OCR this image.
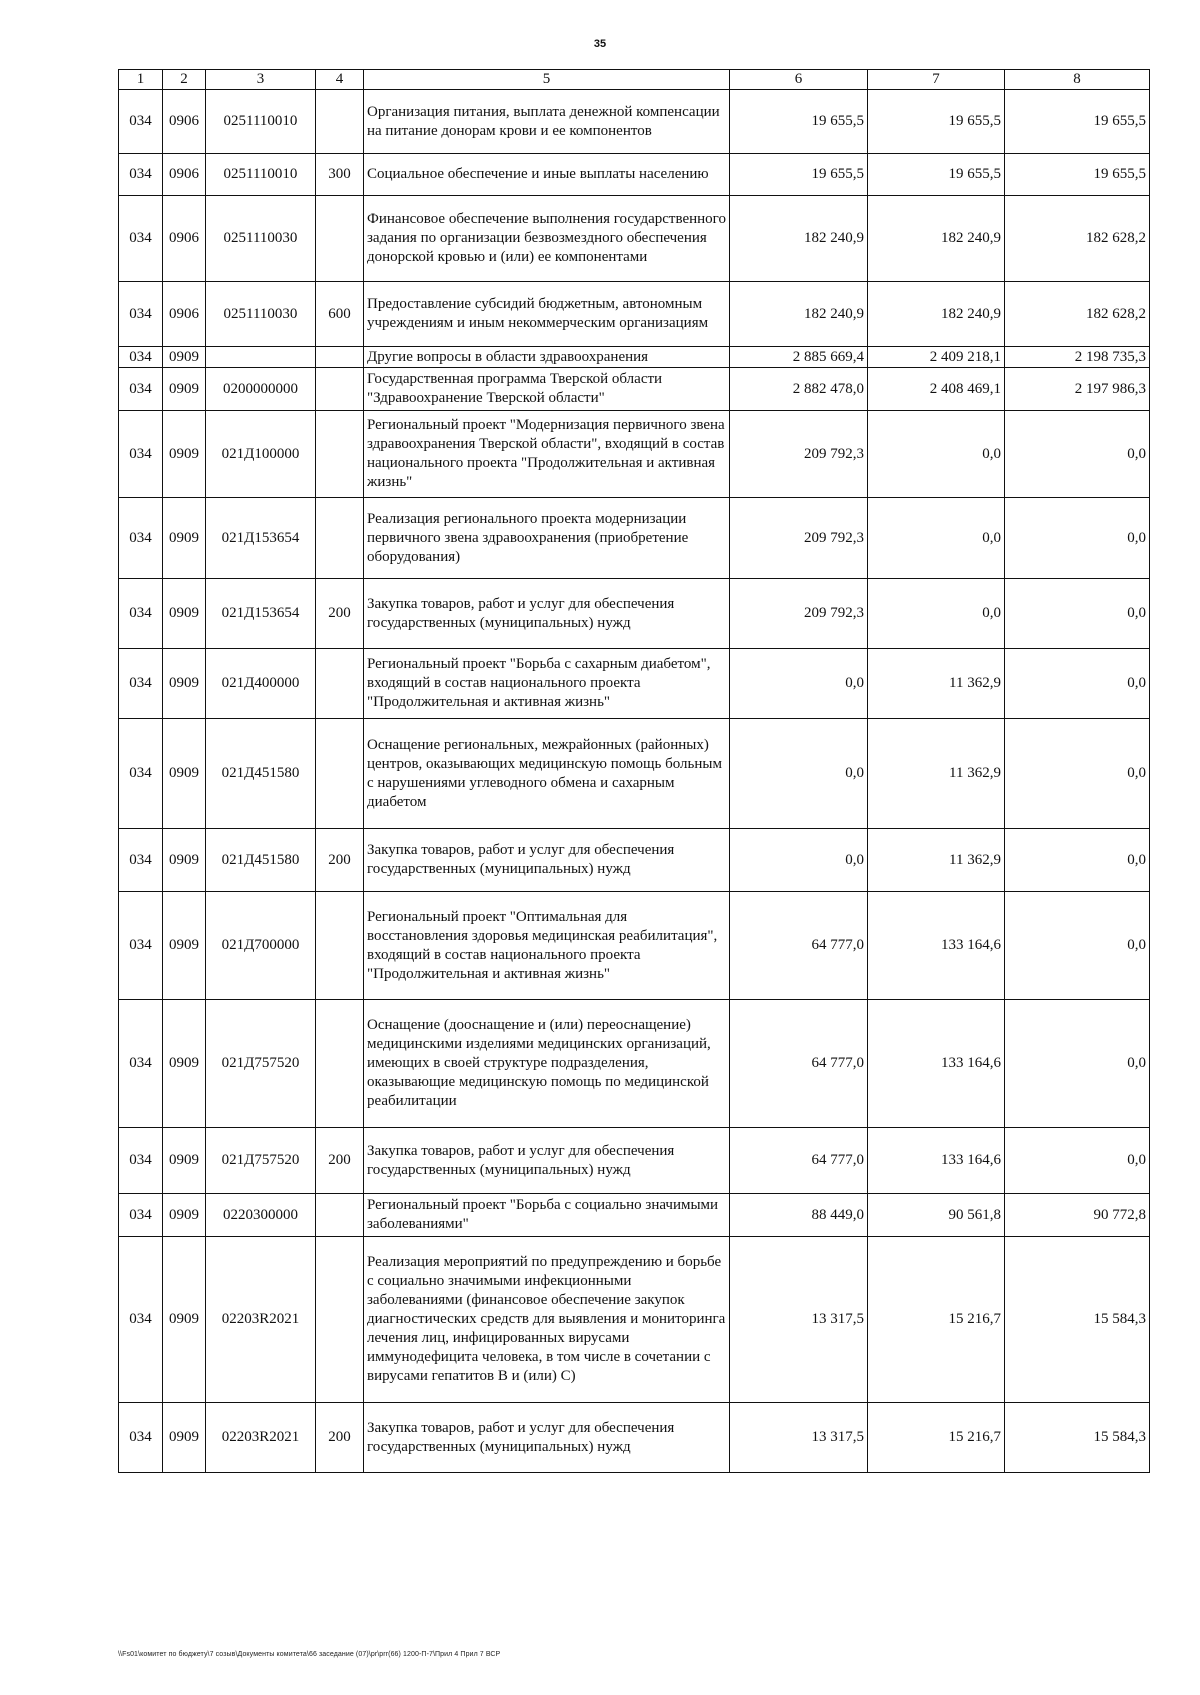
35
1	2	3	4	5	6	7	8
034	0906	0251110010		Организация питания, выплата денежной компенсации на питание донорам крови и ее компонентов	19 655,5	19 655,5	19 655,5
034	0906	0251110010	300	Социальное обеспечение и иные выплаты населению	19 655,5	19 655,5	19 655,5
034	0906	0251110030		Финансовое обеспечение выполнения государственного задания по организации безвозмездного обеспечения донорской кровью и (или) ее компонентами	182 240,9	182 240,9	182 628,2
034	0906	0251110030	600	Предоставление субсидий бюджетным, автономным учреждениям и иным некоммерческим организациям	182 240,9	182 240,9	182 628,2
034	0909			Другие вопросы в области здравоохранения	2 885 669,4	2 409 218,1	2 198 735,3
034	0909	0200000000		Государственная программа Тверской области "Здравоохранение Тверской области"	2 882 478,0	2 408 469,1	2 197 986,3
034	0909	021Д100000		Региональный проект "Модернизация первичного звена здравоохранения Тверской области", входящий в состав национального проекта "Продолжительная и активная жизнь"	209 792,3	0,0	0,0
034	0909	021Д153654		Реализация регионального проекта модернизации первичного звена здравоохранения (приобретение оборудования)	209 792,3	0,0	0,0
034	0909	021Д153654	200	Закупка товаров, работ и услуг для обеспечения государственных (муниципальных) нужд	209 792,3	0,0	0,0
034	0909	021Д400000		Региональный проект "Борьба с сахарным диабетом", входящий в состав национального проекта "Продолжительная и активная жизнь"	0,0	11 362,9	0,0
034	0909	021Д451580		Оснащение региональных, межрайонных (районных) центров, оказывающих медицинскую помощь больным с нарушениями углеводного обмена и сахарным диабетом	0,0	11 362,9	0,0
034	0909	021Д451580	200	Закупка товаров, работ и услуг для обеспечения государственных (муниципальных) нужд	0,0	11 362,9	0,0
034	0909	021Д700000		Региональный проект "Оптимальная для восстановления здоровья медицинская реабилитация", входящий в состав национального проекта "Продолжительная и активная жизнь"	64 777,0	133 164,6	0,0
034	0909	021Д757520		Оснащение (дооснащение и (или) переоснащение) медицинскими изделиями медицинских организаций, имеющих в своей структуре подразделения, оказывающие медицинскую помощь по медицинской реабилитации	64 777,0	133 164,6	0,0
034	0909	021Д757520	200	Закупка товаров, работ и услуг для обеспечения государственных (муниципальных) нужд	64 777,0	133 164,6	0,0
034	0909	0220300000		Региональный проект "Борьба с социально значимыми заболеваниями"	88 449,0	90 561,8	90 772,8
034	0909	02203R2021		Реализация мероприятий по предупреждению и борьбе с социально значимыми инфекционными заболеваниями (финансовое обеспечение закупок диагностических средств для выявления и мониторинга лечения лиц, инфицированных вирусами иммунодефицита человека, в том числе в сочетании с вирусами гепатитов B и (или) C)	13 317,5	15 216,7	15 584,3
034	0909	02203R2021	200	Закупка товаров, работ и услуг для обеспечения государственных (муниципальных) нужд	13 317,5	15 216,7	15 584,3
\\Fs01\комитет по бюджету\7 созыв\Документы комитета\66 заседание (07)\pr\prr(66) 1200-П-7\Прил 4 Прил 7 ВСР
